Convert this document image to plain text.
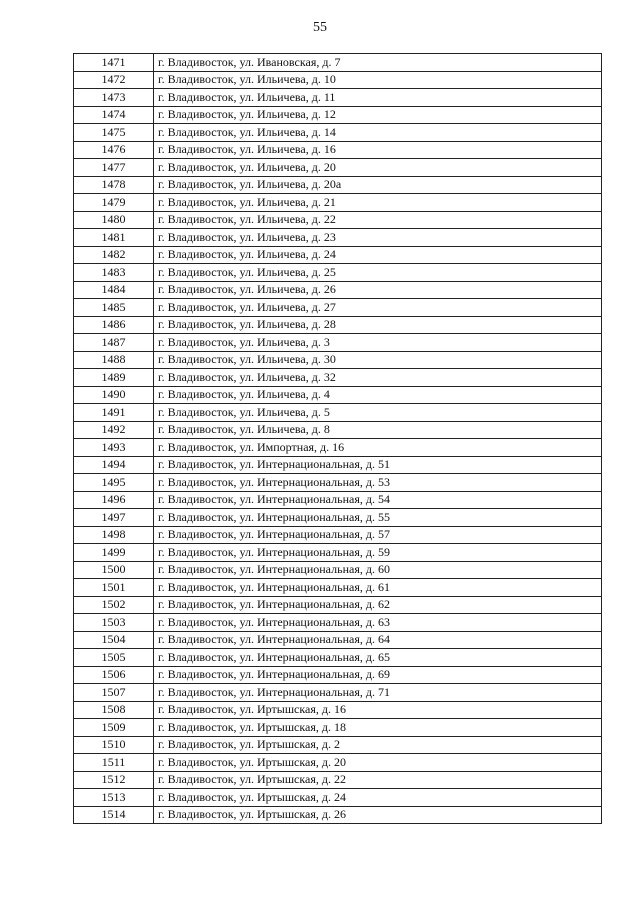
55
1471	г. Владивосток, ул. Ивановская, д. 7
1472	г. Владивосток, ул. Ильичева, д. 10
1473	г. Владивосток, ул. Ильичева, д. 11
1474	г. Владивосток, ул. Ильичева, д. 12
1475	г. Владивосток, ул. Ильичева, д. 14
1476	г. Владивосток, ул. Ильичева, д. 16
1477	г. Владивосток, ул. Ильичева, д. 20
1478	г. Владивосток, ул. Ильичева, д. 20а
1479	г. Владивосток, ул. Ильичева, д. 21
1480	г. Владивосток, ул. Ильичева, д. 22
1481	г. Владивосток, ул. Ильичева, д. 23
1482	г. Владивосток, ул. Ильичева, д. 24
1483	г. Владивосток, ул. Ильичева, д. 25
1484	г. Владивосток, ул. Ильичева, д. 26
1485	г. Владивосток, ул. Ильичева, д. 27
1486	г. Владивосток, ул. Ильичева, д. 28
1487	г. Владивосток, ул. Ильичева, д. 3
1488	г. Владивосток, ул. Ильичева, д. 30
1489	г. Владивосток, ул. Ильичева, д. 32
1490	г. Владивосток, ул. Ильичева, д. 4
1491	г. Владивосток, ул. Ильичева, д. 5
1492	г. Владивосток, ул. Ильичева, д. 8
1493	г. Владивосток, ул. Импортная, д. 16
1494	г. Владивосток, ул. Интернациональная, д. 51
1495	г. Владивосток, ул. Интернациональная, д. 53
1496	г. Владивосток, ул. Интернациональная, д. 54
1497	г. Владивосток, ул. Интернациональная, д. 55
1498	г. Владивосток, ул. Интернациональная, д. 57
1499	г. Владивосток, ул. Интернациональная, д. 59
1500	г. Владивосток, ул. Интернациональная, д. 60
1501	г. Владивосток, ул. Интернациональная, д. 61
1502	г. Владивосток, ул. Интернациональная, д. 62
1503	г. Владивосток, ул. Интернациональная, д. 63
1504	г. Владивосток, ул. Интернациональная, д. 64
1505	г. Владивосток, ул. Интернациональная, д. 65
1506	г. Владивосток, ул. Интернациональная, д. 69
1507	г. Владивосток, ул. Интернациональная, д. 71
1508	г. Владивосток, ул. Иртышская, д. 16
1509	г. Владивосток, ул. Иртышская, д. 18
1510	г. Владивосток, ул. Иртышская, д. 2
1511	г. Владивосток, ул. Иртышская, д. 20
1512	г. Владивосток, ул. Иртышская, д. 22
1513	г. Владивосток, ул. Иртышская, д. 24
1514	г. Владивосток, ул. Иртышская, д. 26
